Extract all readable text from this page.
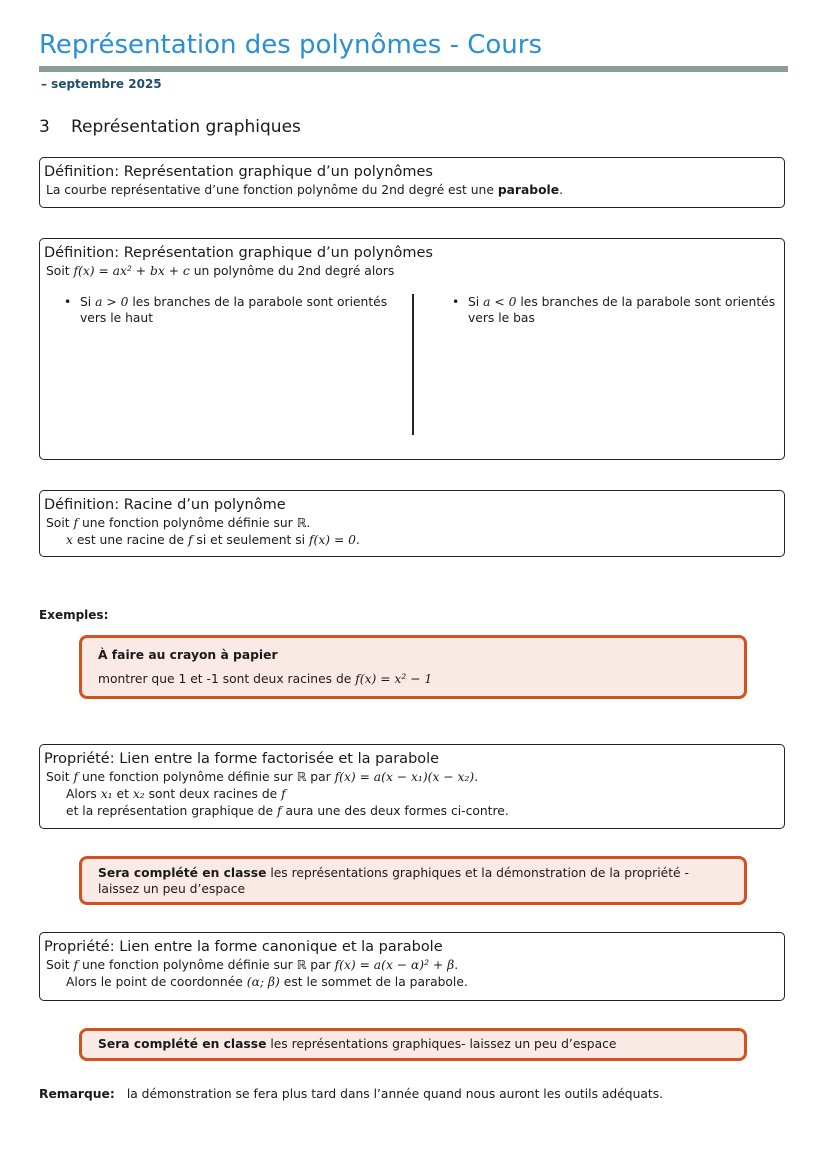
Représentation des polynômes - Cours
– septembre 2025
3 Représentation graphiques
Définition: Représentation graphique d’un polynômes
La courbe représentative d’une fonction polynôme du 2nd degré est une parabole.
Définition: Représentation graphique d’un polynômes
Soit f(x) = ax² + bx + c un polynôme du 2nd degré alors
• Si a > 0 les branches de la parabole sont orientés vers le haut
• Si a < 0 les branches de la parabole sont orientés vers le bas
Définition: Racine d’un polynôme
Soit f une fonction polynôme définie sur ℝ.
x est une racine de f si et seulement si f(x) = 0.
Exemples:
À faire au crayon à papier
montrer que 1 et -1 sont deux racines de f(x) = x² − 1
Propriété: Lien entre la forme factorisée et la parabole
Soit f une fonction polynôme définie sur ℝ par f(x) = a(x − x₁)(x − x₂).
Alors x₁ et x₂ sont deux racines de f
et la représentation graphique de f aura une des deux formes ci-contre.
Sera complété en classe les représentations graphiques et la démonstration de la propriété - laissez un peu d’espace
Propriété: Lien entre la forme canonique et la parabole
Soit f une fonction polynôme définie sur ℝ par f(x) = a(x − α)² + β.
Alors le point de coordonnée (α; β) est le sommet de la parabole.
Sera complété en classe les représentations graphiques- laissez un peu d’espace
Remarque: la démonstration se fera plus tard dans l’année quand nous auront les outils adéquats.
